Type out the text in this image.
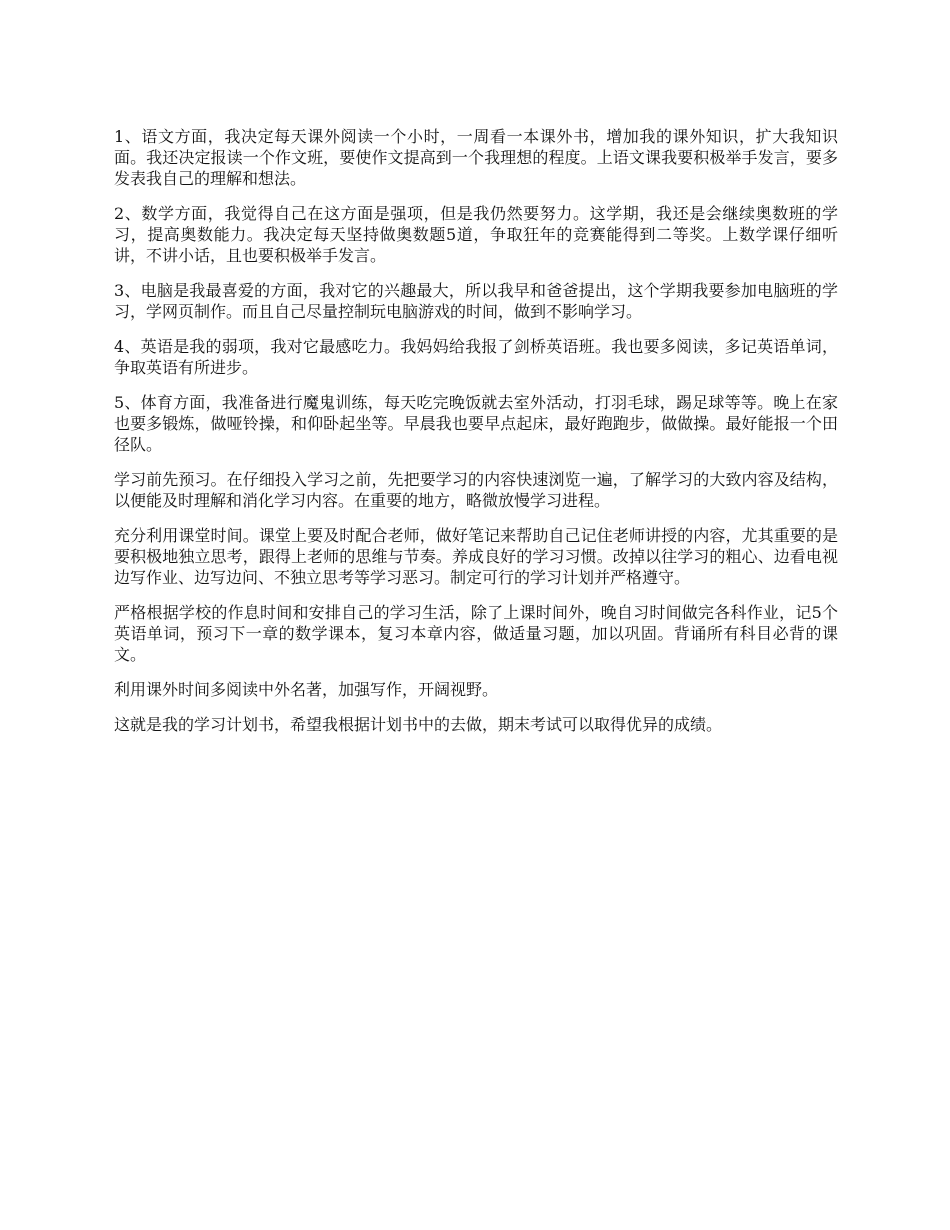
1、语文方面，我决定每天课外阅读一个小时，一周看一本课外书，增加我的课外知识，扩大我知识面。我还决定报读一个作文班，要使作文提高到一个我理想的程度。上语文课我要积极举手发言，要多发表我自己的理解和想法。

2、数学方面，我觉得自己在这方面是强项，但是我仍然要努力。这学期，我还是会继续奥数班的学习，提高奥数能力。我决定每天坚持做奥数题5道，争取狂年的竞赛能得到二等奖。上数学课仔细听讲，不讲小话，且也要积极举手发言。

3、电脑是我最喜爱的方面，我对它的兴趣最大，所以我早和爸爸提出，这个学期我要参加电脑班的学习，学网页制作。而且自己尽量控制玩电脑游戏的时间，做到不影响学习。

4、英语是我的弱项，我对它最感吃力。我妈妈给我报了剑桥英语班。我也要多阅读，多记英语单词，争取英语有所进步。

5、体育方面，我准备进行魔鬼训练，每天吃完晚饭就去室外活动，打羽毛球，踢足球等等。晚上在家也要多锻炼，做哑铃操，和仰卧起坐等。早晨我也要早点起床，最好跑跑步，做做操。最好能报一个田径队。

学习前先预习。在仔细投入学习之前，先把要学习的内容快速浏览一遍，了解学习的大致内容及结构，以便能及时理解和消化学习内容。在重要的地方，略微放慢学习进程。

充分利用课堂时间。课堂上要及时配合老师，做好笔记来帮助自己记住老师讲授的内容，尤其重要的是要积极地独立思考，跟得上老师的思维与节奏。养成良好的学习习惯。改掉以往学习的粗心、边看电视边写作业、边写边问、不独立思考等学习恶习。制定可行的学习计划并严格遵守。

严格根据学校的作息时间和安排自己的学习生活，除了上课时间外，晚自习时间做完各科作业，记5个英语单词，预习下一章的数学课本，复习本章内容，做适量习题，加以巩固。背诵所有科目必背的课文。

利用课外时间多阅读中外名著，加强写作，开阔视野。

这就是我的学习计划书，希望我根据计划书中的去做，期末考试可以取得优异的成绩。
